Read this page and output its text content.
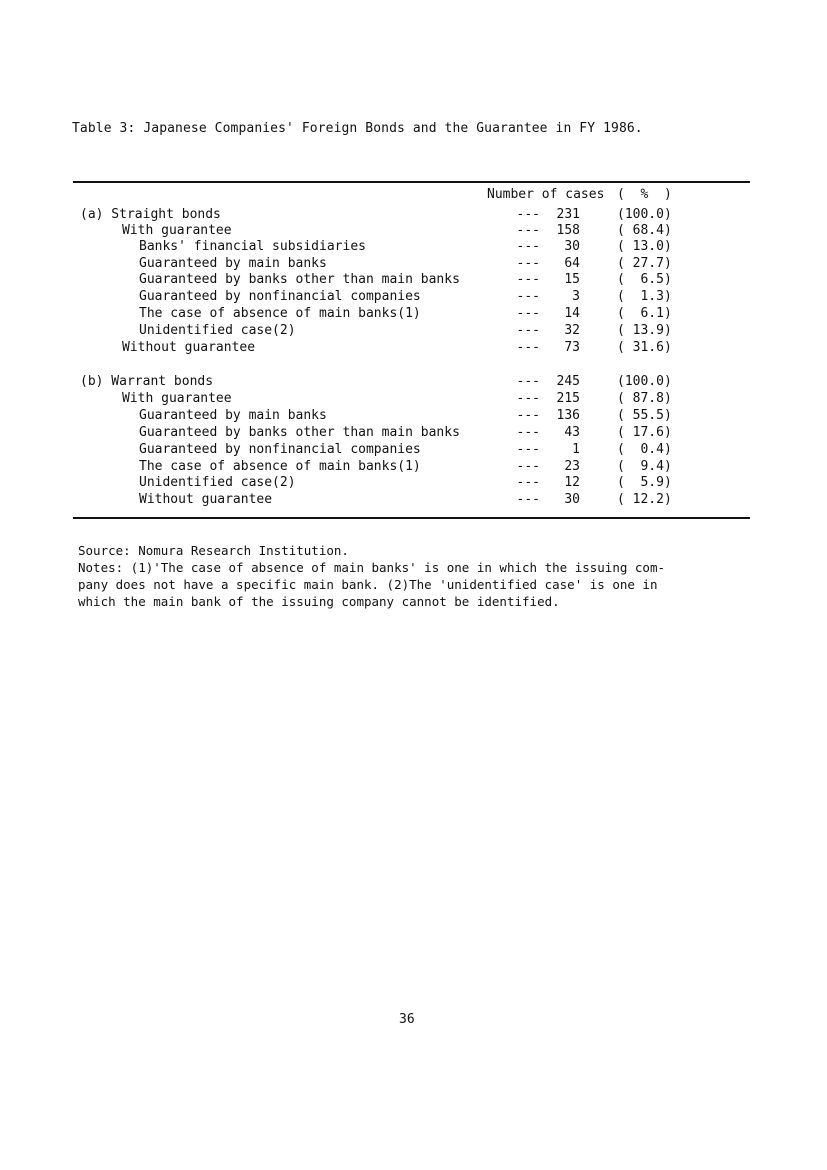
Table 3: Japanese Companies' Foreign Bonds and the Guarantee in FY 1986.
Number of cases (  %  )
(a) Straight bonds	---	231	(100.0)
With guarantee	---	158	( 68.4)
Banks' financial subsidiaries	---	30	( 13.0)
Guaranteed by main banks	---	64	( 27.7)
Guaranteed by banks other than main banks	---	15	(  6.5)
Guaranteed by nonfinancial companies	---	3	(  1.3)
The case of absence of main banks(1)	---	14	(  6.1)
Unidentified case(2)	---	32	( 13.9)
Without guarantee	---	73	( 31.6)
(b) Warrant bonds	---	245	(100.0)
With guarantee	---	215	( 87.8)
Guaranteed by main banks	---	136	( 55.5)
Guaranteed by banks other than main banks	---	43	( 17.6)
Guaranteed by nonfinancial companies	---	1	(  0.4)
The case of absence of main banks(1)	---	23	(  9.4)
Unidentified case(2)	---	12	(  5.9)
Without guarantee	---	30	( 12.2)

Source: Nomura Research Institution.

Notes: (1)'The case of absence of main banks' is one in which the issuing com-

pany does not have a specific main bank. (2)The 'unidentified case' is one in

which the main bank of the issuing company cannot be identified.

36
